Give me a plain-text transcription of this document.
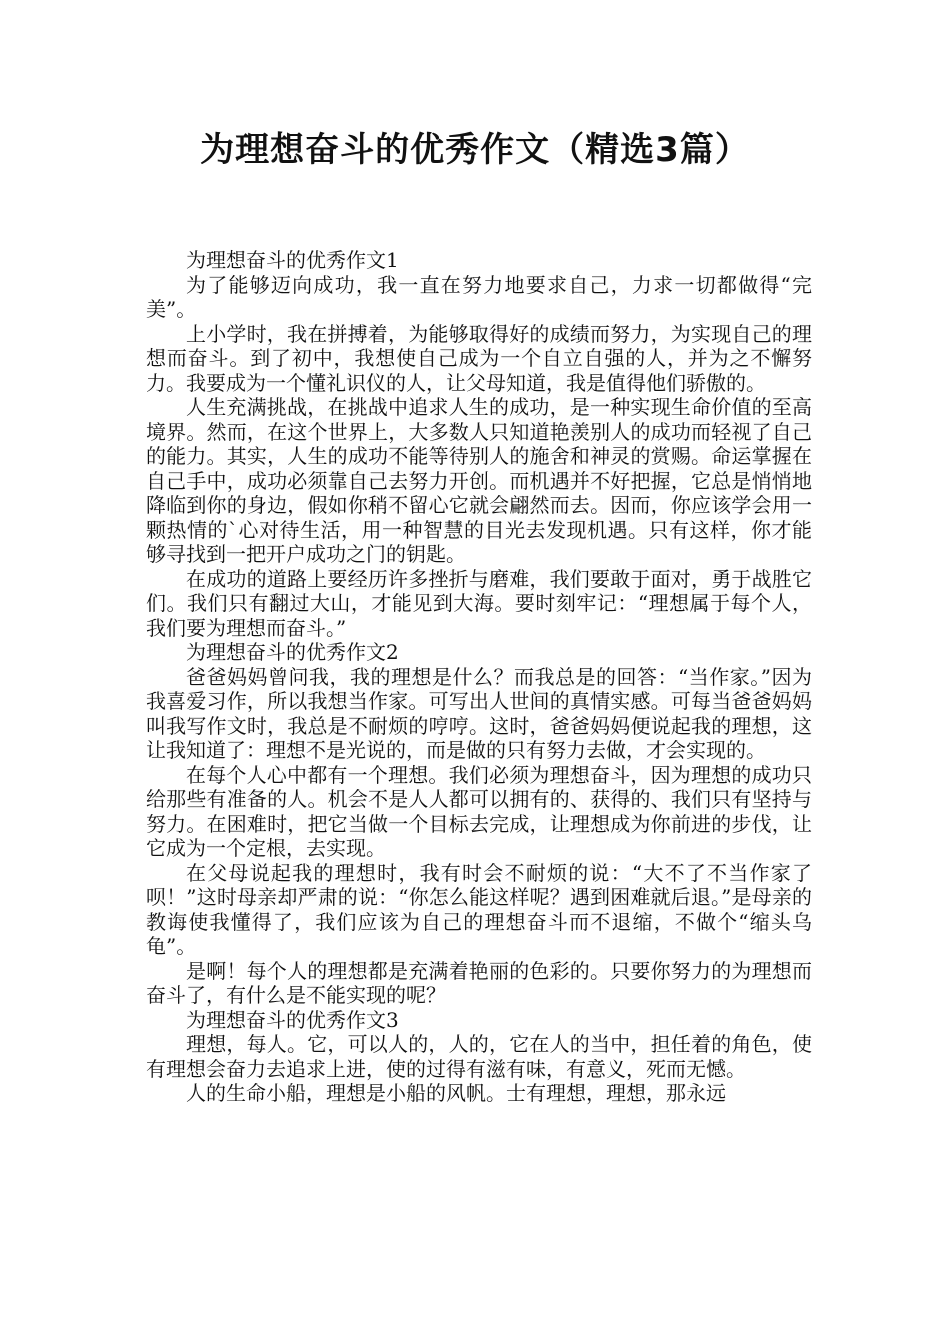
为理想奋斗的优秀作文（精选3篇）

为理想奋斗的优秀作文1

为了能够迈向成功，我一直在努力地要求自己，力求一切都做得“完美”。

上小学时，我在拼搏着，为能够取得好的成绩而努力，为实现自己的理想而奋斗。到了初中，我想使自己成为一个自立自强的人，并为之不懈努力。我要成为一个懂礼识仪的人，让父母知道，我是值得他们骄傲的。

人生充满挑战，在挑战中追求人生的成功，是一种实现生命价值的至高境界。然而，在这个世界上，大多数人只知道艳羡别人的成功而轻视了自己的能力。其实，人生的成功不能等待别人的施舍和神灵的赏赐。命运掌握在自己手中，成功必须靠自己去努力开创。而机遇并不好把握，它总是悄悄地降临到你的身边，假如你稍不留心它就会翩然而去。因而，你应该学会用一颗热情的`心对待生活，用一种智慧的目光去发现机遇。只有这样，你才能够寻找到一把开户成功之门的钥匙。

在成功的道路上要经历许多挫折与磨难，我们要敢于面对，勇于战胜它们。我们只有翻过大山，才能见到大海。要时刻牢记：“理想属于每个人，我们要为理想而奋斗。”

为理想奋斗的优秀作文2

爸爸妈妈曾问我，我的理想是什么？而我总是的回答：“当作家。”因为我喜爱习作，所以我想当作家。可写出人世间的真情实感。可每当爸爸妈妈叫我写作文时，我总是不耐烦的哼哼。这时，爸爸妈妈便说起我的理想，这让我知道了：理想不是光说的，而是做的只有努力去做，才会实现的。

在每个人心中都有一个理想。我们必须为理想奋斗，因为理想的成功只给那些有准备的人。机会不是人人都可以拥有的、获得的、我们只有坚持与努力。在困难时，把它当做一个目标去完成，让理想成为你前进的步伐，让它成为一个定根，去实现。

在父母说起我的理想时，我有时会不耐烦的说：“大不了不当作家了呗！”这时母亲却严肃的说：“你怎么能这样呢？遇到困难就后退。”是母亲的教诲使我懂得了，我们应该为自己的理想奋斗而不退缩，不做个“缩头乌龟”。

是啊！每个人的理想都是充满着艳丽的色彩的。只要你努力的为理想而奋斗了，有什么是不能实现的呢？

为理想奋斗的优秀作文3

理想，每人。它，可以人的，人的，它在人的当中，担任着的角色，使有理想会奋力去追求上进，使的过得有滋有味，有意义，死而无憾。

人的生命小船，理想是小船的风帆。士有理想，理想，那永远
